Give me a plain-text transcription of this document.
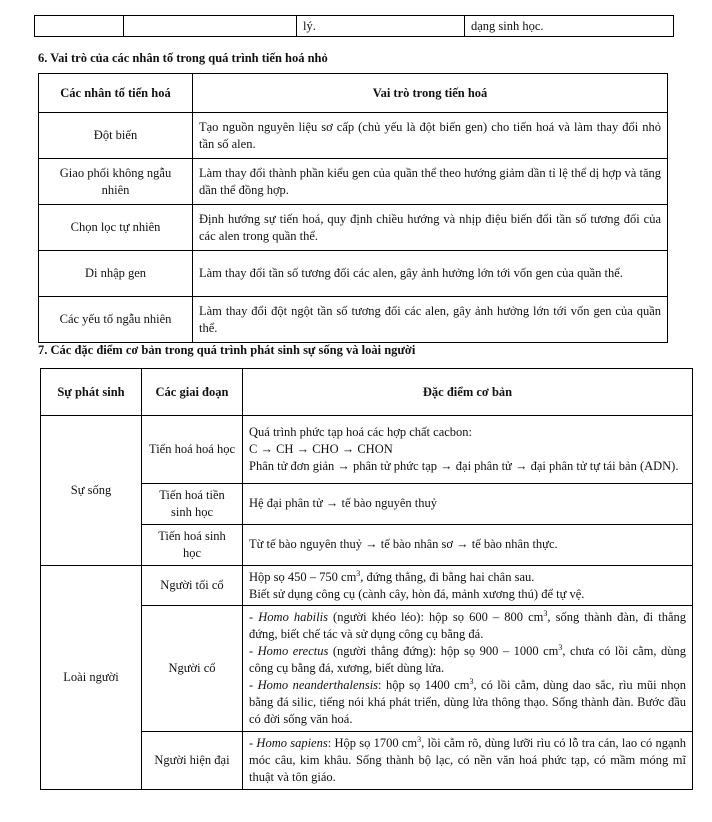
		lý.	dạng sinh học.
6. Vai trò của các nhân tố trong quá trình tiến hoá nhỏ
Các nhân tố tiến hoá	Vai trò trong tiến hoá
Đột biến	Tạo nguồn nguyên liệu sơ cấp (chủ yếu là đột biến gen) cho tiến hoá và làm thay đổi nhỏ tần số alen.
Giao phối không ngẫu nhiên	Làm thay đổi thành phần kiểu gen của quần thể theo hướng giảm dần tỉ lệ thể dị hợp và tăng dần thể đồng hợp.
Chọn lọc tự nhiên	Định hướng sự tiến hoá, quy định chiều hướng và nhịp điệu biến đổi tần số tương đối của các alen trong quần thể.
Di nhập gen	Làm thay đổi tần số tương đối các alen, gây ảnh hưởng lớn tới vốn gen của quần thể.
Các yếu tố ngẫu nhiên	Làm thay đổi đột ngột tần số tương đối các alen, gây ảnh hưởng lớn tới vốn gen của quần thể.
7. Các đặc điểm cơ bản trong quá trình phát sinh sự sống và loài người
Sự phát sinh	Các giai đoạn	Đặc điểm cơ bản
Sự sống	Tiến hoá hoá học	Quá trình phức tạp hoá các hợp chất cacbon:
C → CH → CHO → CHON
Phân tử đơn giản → phân tử phức tạp → đại phân tử → đại phân tử tự tái bản (ADN).

	Tiến hoá tiền sinh học	Hệ đại phân tử → tế bào nguyên thuỷ
	Tiến hoá sinh học	Từ tế bào nguyên thuỷ → tế bào nhân sơ → tế bào nhân thực.
Loài người	Người tối cổ	Hộp sọ 450 – 750 $cm^3$, đứng thẳng, đi bằng hai chân sau.
Biết sử dụng công cụ (cành cây, hòn đá, mảnh xương thú) để tự vệ.

	Người cổ	- Homo habilis (người khéo léo): hộp sọ 600 – 800 $cm^3$, sống thành đàn, đi thẳng đứng, biết chế tác và sử dụng công cụ bằng đá.
- Homo erectus (người thẳng đứng): hộp sọ 900 – 1000 $cm^3$, chưa có lồi cằm, dùng công cụ bằng đá, xương, biết dùng lửa.
- Homo neanderthalensis: hộp sọ 1400 $cm^3$, có lồi cằm, dùng dao sắc, rìu mũi nhọn bằng đá silic, tiếng nói khá phát triển, dùng lửa thông thạo. Sống thành đàn. Bước đầu có đời sống văn hoá.

	Người hiện đại	- Homo sapiens: Hộp sọ 1700 $cm^3$, lồi cằm rõ, dùng lưỡi rìu có lỗ tra cán, lao có ngạnh móc câu, kim khâu. Sống thành bộ lạc, có nền văn hoá phức tạp, có mầm móng mĩ thuật và tôn giáo.
